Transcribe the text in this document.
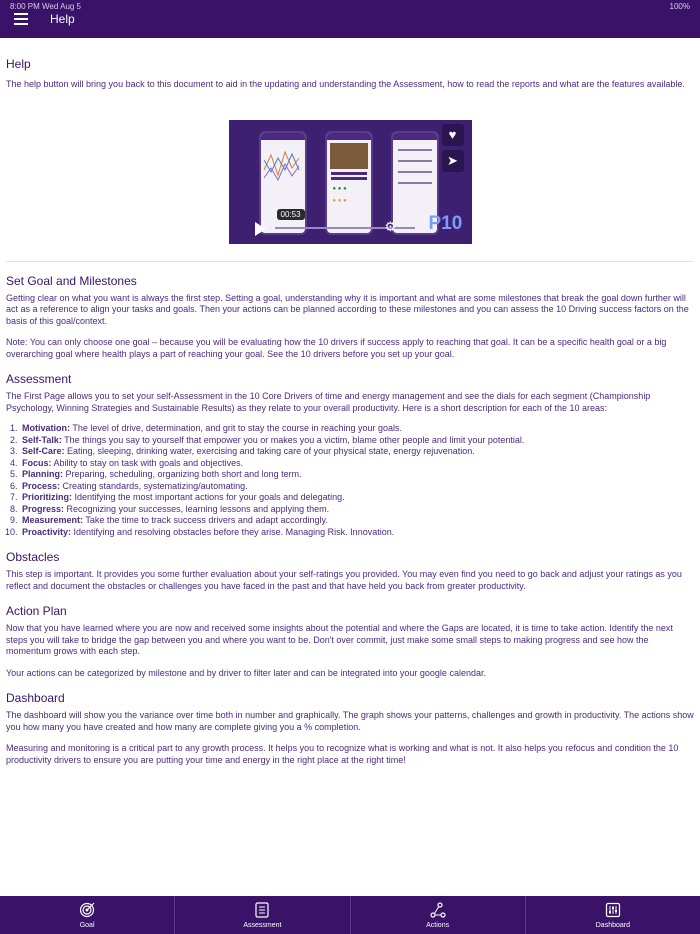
8:00 PM Wed Aug 5	100%
Help
Help

The help button will bring you back to this document to aid in the updating and understanding the Assessment, how to read the reports and what are the features available.

● ● ●
● ● ●
♥
➤
00:53
⚙ P10
Set Goal and Milestones

Getting clear on what you want is always the first step. Setting a goal, understanding why it is important and what are some milestones that break the goal down further will act as a reference to align your tasks and goals. Then your actions can be planned according to these milestones and you can assess the 10 Driving success factors on the basis of this goal/context.

Note: You can only choose one goal – because you will be evaluating how the 10 drivers if success apply to reaching that goal. It can be a specific health goal or a big overarching goal where health plays a part of reaching your goal. See the 10 drivers before you set up your goal.

Assessment

The First Page allows you to set your self-Assessment in the 10 Core Drivers of time and energy management and see the dials for each segment (Championship Psychology, Winning Strategies and Sustainable Results) as they relate to your overall productivity. Here is a short description for each of the 10 areas:

1. Motivation: The level of drive, determination, and grit to stay the course in reaching your goals.
2. Self-Talk: The things you say to yourself that empower you or makes you a victim, blame other people and limit your potential.
3. Self-Care: Eating, sleeping, drinking water, exercising and taking care of your physical state, energy rejuvenation.
4. Focus: Ability to stay on task with goals and objectives.
5. Planning: Preparing, scheduling, organizing both short and long term.
6. Process: Creating standards, systematizing/automating.
7. Prioritizing: Identifying the most important actions for your goals and delegating.
8. Progress: Recognizing your successes, learning lessons and applying them.
9. Measurement: Take the time to track success drivers and adapt accordingly.
10. Proactivity: Identifying and resolving obstacles before they arise. Managing Risk. Innovation.
Obstacles

This step is important. It provides you some further evaluation about your self-ratings you provided. You may even find you need to go back and adjust your ratings as you reflect and document the obstacles or challenges you have faced in the past and that have held you back from greater productivity.

Action Plan

Now that you have learned where you are now and received some insights about the potential and where the Gaps are located, it is time to take action. Identify the next steps you will take to bridge the gap between you and where you want to be. Don't over commit, just make some small steps to making progress and see how the momentum grows with each step.

Your actions can be categorized by milestone and by driver to filter later and can be integrated into your google calendar.

Dashboard

The dashboard will show you the variance over time both in number and graphically. The graph shows your patterns, challenges and growth in productivity. The actions show you how many you have created and how many are complete giving you a % completion.

Measuring and monitoring is a critical part to any growth process. It helps you to recognize what is working and what is not. It also helps you refocus and condition the 10 productivity drivers to ensure you are putting your time and energy in the right place at the right time!

Goal	Assessment	Actions	Dashboard
